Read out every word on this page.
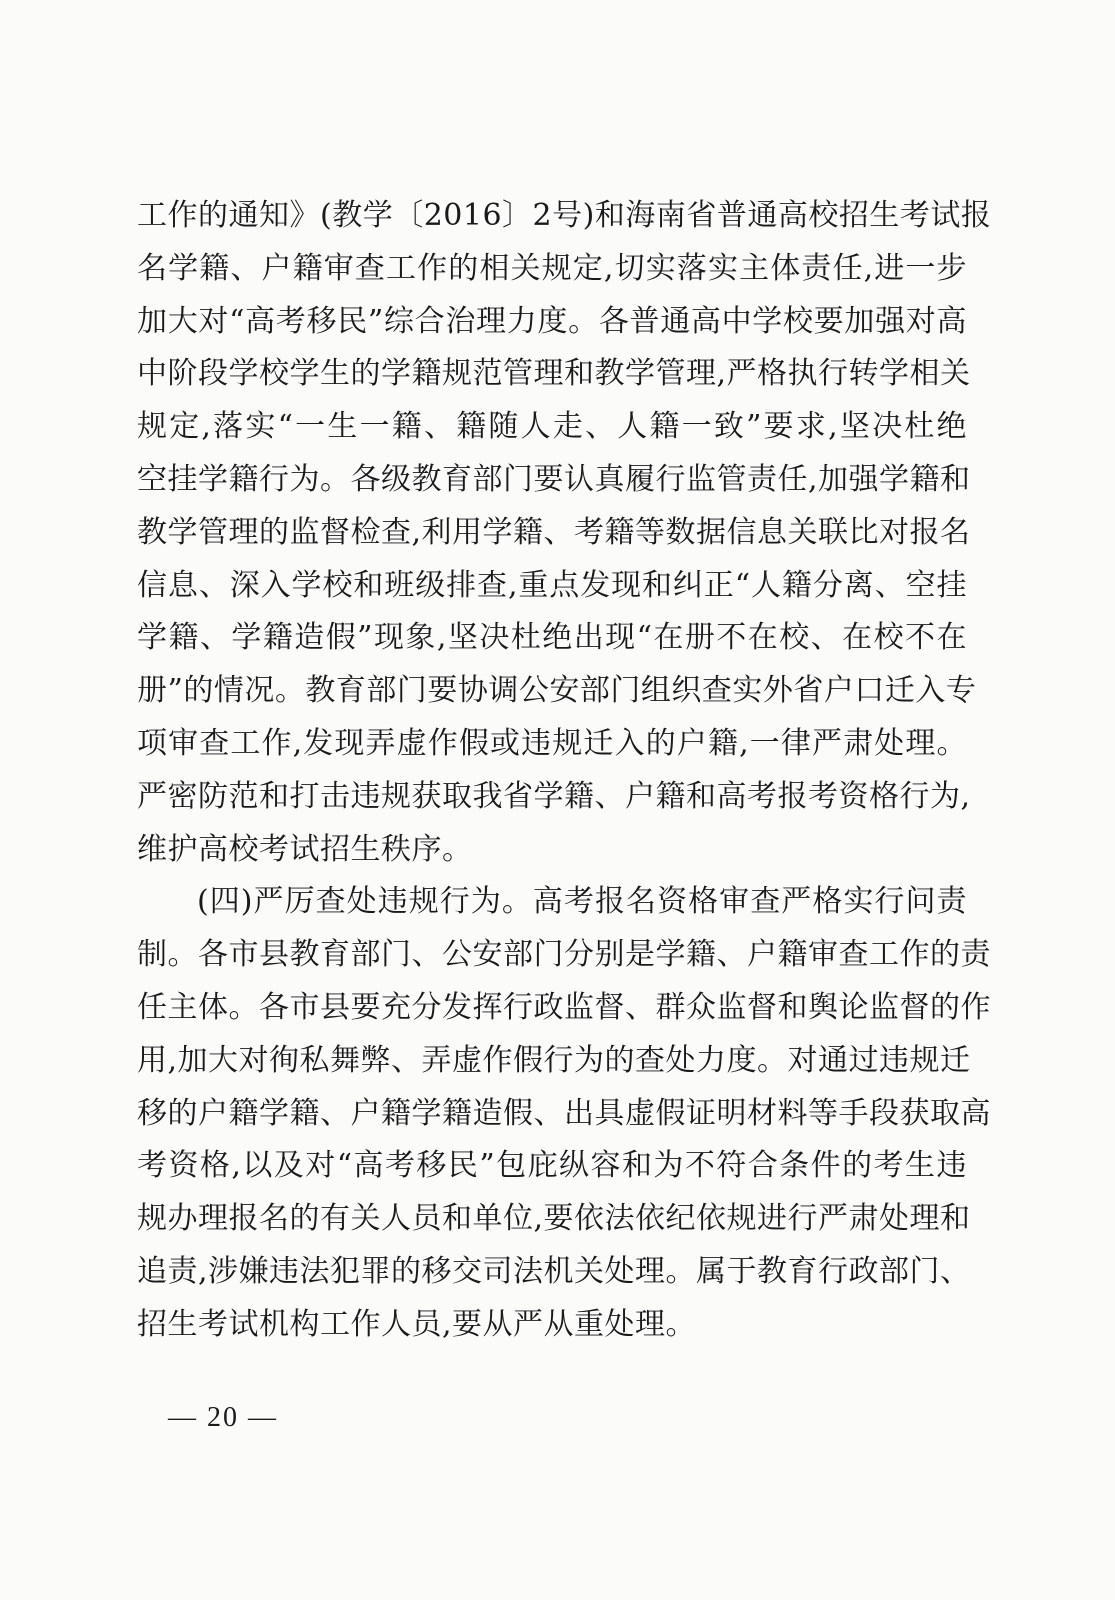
工作的通知》(教学〔2016〕2号)和海南省普通高校招生考试报
名学籍、户籍审查工作的相关规定,切实落实主体责任,进一步
加大对“高考移民”综合治理力度。各普通高中学校要加强对高
中阶段学校学生的学籍规范管理和教学管理,严格执行转学相关
规定,落实“一生一籍、籍随人走、人籍一致”要求,坚决杜绝
空挂学籍行为。各级教育部门要认真履行监管责任,加强学籍和
教学管理的监督检查,利用学籍、考籍等数据信息关联比对报名
信息、深入学校和班级排查,重点发现和纠正“人籍分离、空挂
学籍、学籍造假”现象,坚决杜绝出现“在册不在校、在校不在
册”的情况。教育部门要协调公安部门组织查实外省户口迁入专
项审查工作,发现弄虚作假或违规迁入的户籍,一律严肃处理。
严密防范和打击违规获取我省学籍、户籍和高考报考资格行为,
维护高校考试招生秩序。
(四)严厉查处违规行为。高考报名资格审查严格实行问责
制。各市县教育部门、公安部门分别是学籍、户籍审查工作的责
任主体。各市县要充分发挥行政监督、群众监督和舆论监督的作
用,加大对徇私舞弊、弄虚作假行为的查处力度。对通过违规迁
移的户籍学籍、户籍学籍造假、出具虚假证明材料等手段获取高
考资格,以及对“高考移民”包庇纵容和为不符合条件的考生违
规办理报名的有关人员和单位,要依法依纪依规进行严肃处理和
追责,涉嫌违法犯罪的移交司法机关处理。属于教育行政部门、
招生考试机构工作人员,要从严从重处理。
— 20 —
